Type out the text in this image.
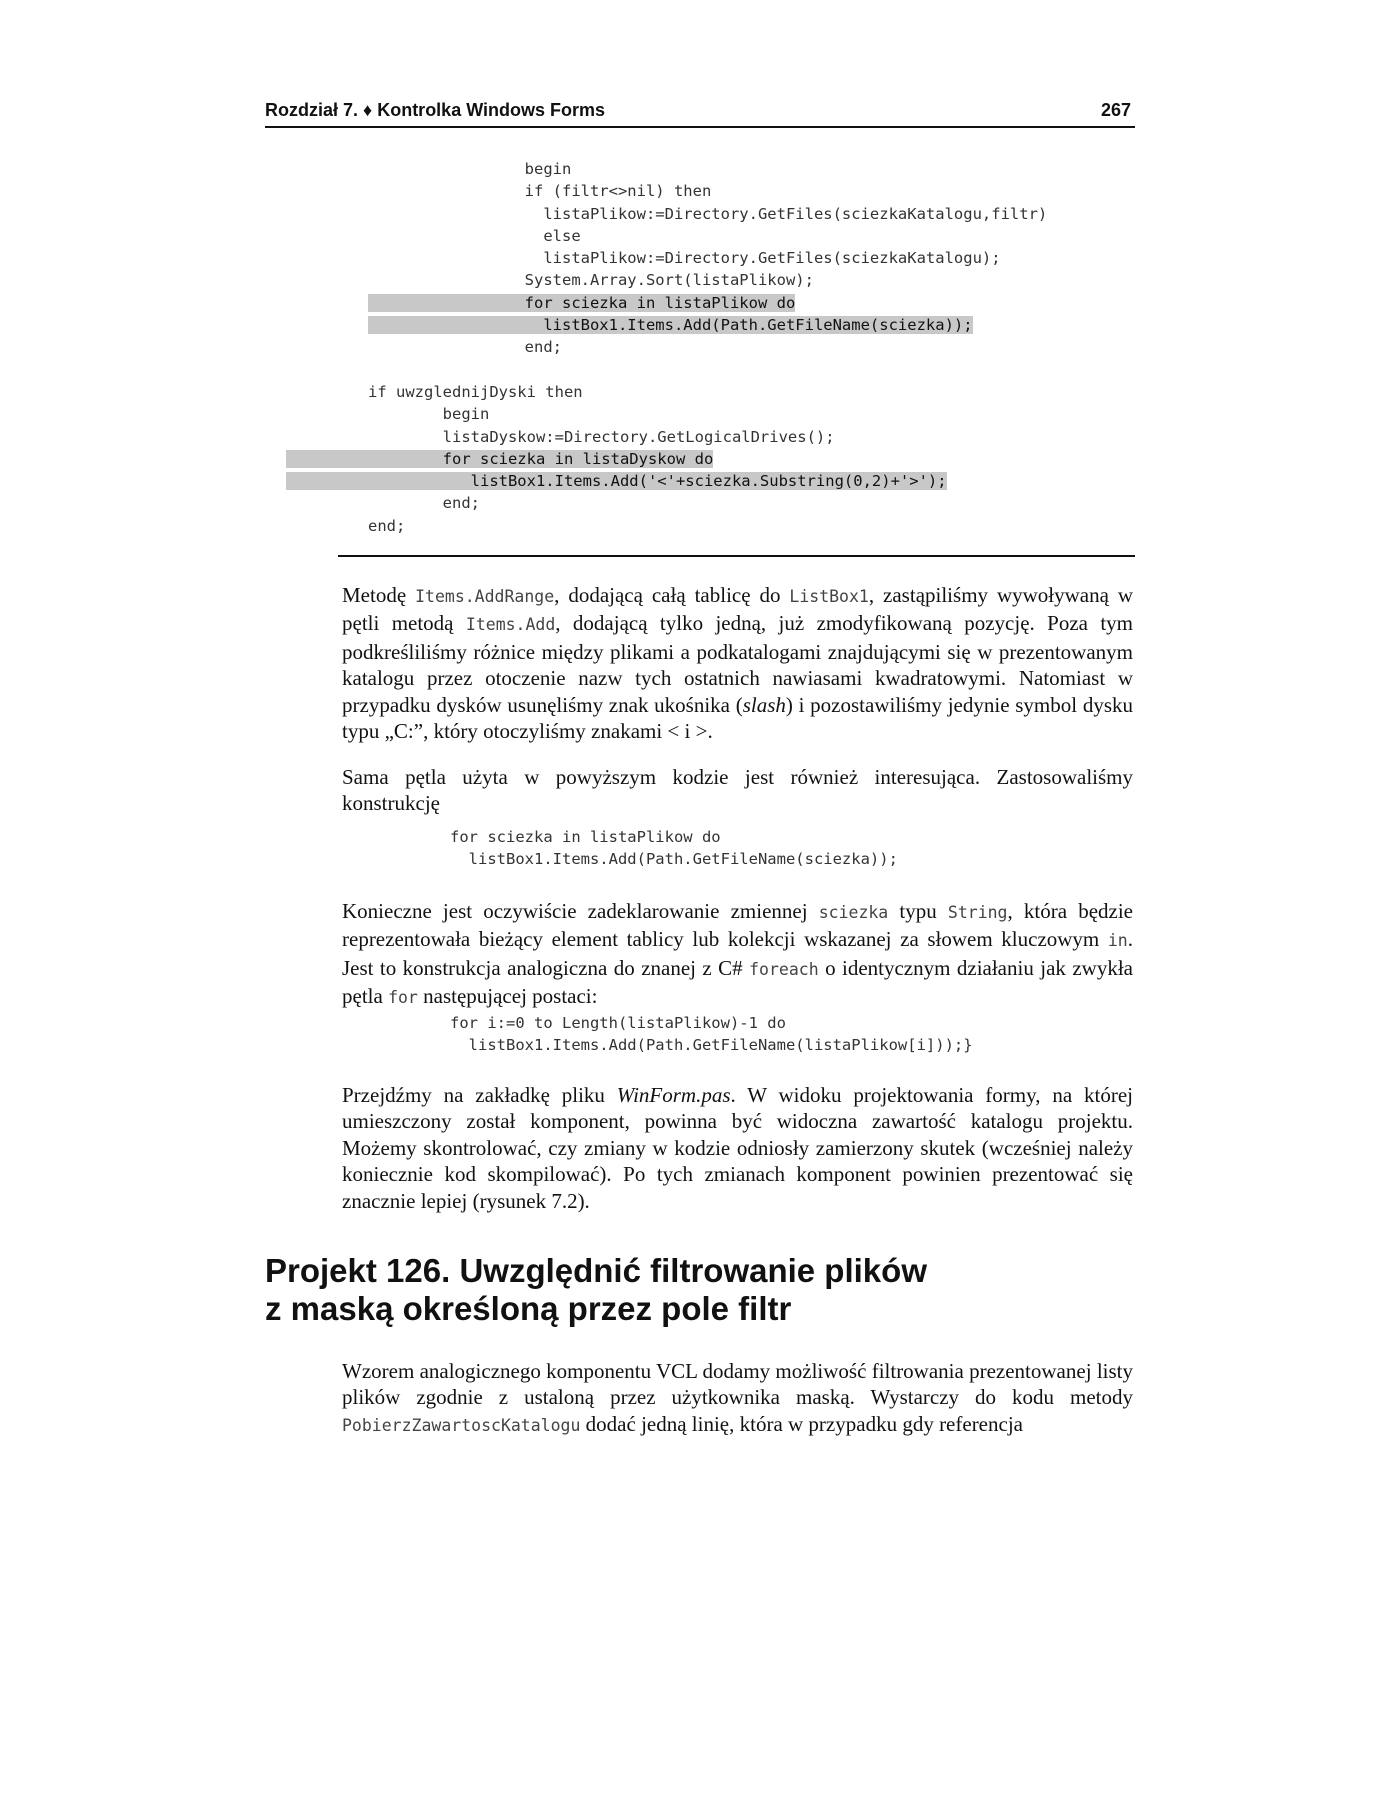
Rozdział 7. ♦ Kontrolka Windows Forms	267
begin
if (filtr<>nil) then
listaPlikow:=Directory.GetFiles(sciezkaKatalogu,filtr)
else
listaPlikow:=Directory.GetFiles(sciezkaKatalogu);
System.Array.Sort(listaPlikow);
for sciezka in listaPlikow do
listBox1.Items.Add(Path.GetFileName(sciezka));
end;
if uwzglednijDyski then
begin
listaDyskow:=Directory.GetLogicalDrives();
for sciezka in listaDyskow do
listBox1.Items.Add('<'+sciezka.Substring(0,2)+'>');
end;
end;

Metodę Items.AddRange, dodającą całą tablicę do ListBox1, zastąpiliśmy wywoływaną w pętli metodą Items.Add, dodającą tylko jedną, już zmodyfikowaną pozycję. Poza tym podkreśliliśmy różnice między plikami a podkatalogami znajdującymi się w prezentowanym katalogu przez otoczenie nazw tych ostatnich nawiasami kwadratowymi. Natomiast w przypadku dysków usunęliśmy znak ukośnika (slash) i pozostawiliśmy jedynie symbol dysku typu „C:”, który otoczyliśmy znakami < i >.

Sama pętla użyta w powyższym kodzie jest również interesująca. Zastosowaliśmy konstrukcję

for sciezka in listaPlikow do
listBox1.Items.Add(Path.GetFileName(sciezka));

Konieczne jest oczywiście zadeklarowanie zmiennej sciezka typu String, która będzie reprezentowała bieżący element tablicy lub kolekcji wskazanej za słowem kluczowym in. Jest to konstrukcja analogiczna do znanej z C# foreach o identycznym działaniu jak zwykła pętla for następującej postaci:

for i:=0 to Length(listaPlikow)-1 do
listBox1.Items.Add(Path.GetFileName(listaPlikow[i]));}

Przejdźmy na zakładkę pliku WinForm.pas. W widoku projektowania formy, na której umieszczony został komponent, powinna być widoczna zawartość katalogu projektu. Możemy skontrolować, czy zmiany w kodzie odniosły zamierzony skutek (wcześniej należy koniecznie kod skompilować). Po tych zmianach komponent powinien prezentować się znacznie lepiej (rysunek 7.2).

Projekt 126. Uwzględnić filtrowanie plików
z maską określoną przez pole filtr

Wzorem analogicznego komponentu VCL dodamy możliwość filtrowania prezentowanej listy plików zgodnie z ustaloną przez użytkownika maską. Wystarczy do kodu metody PobierzZawartoscKatalogu dodać jedną linię, która w przypadku gdy referencja
